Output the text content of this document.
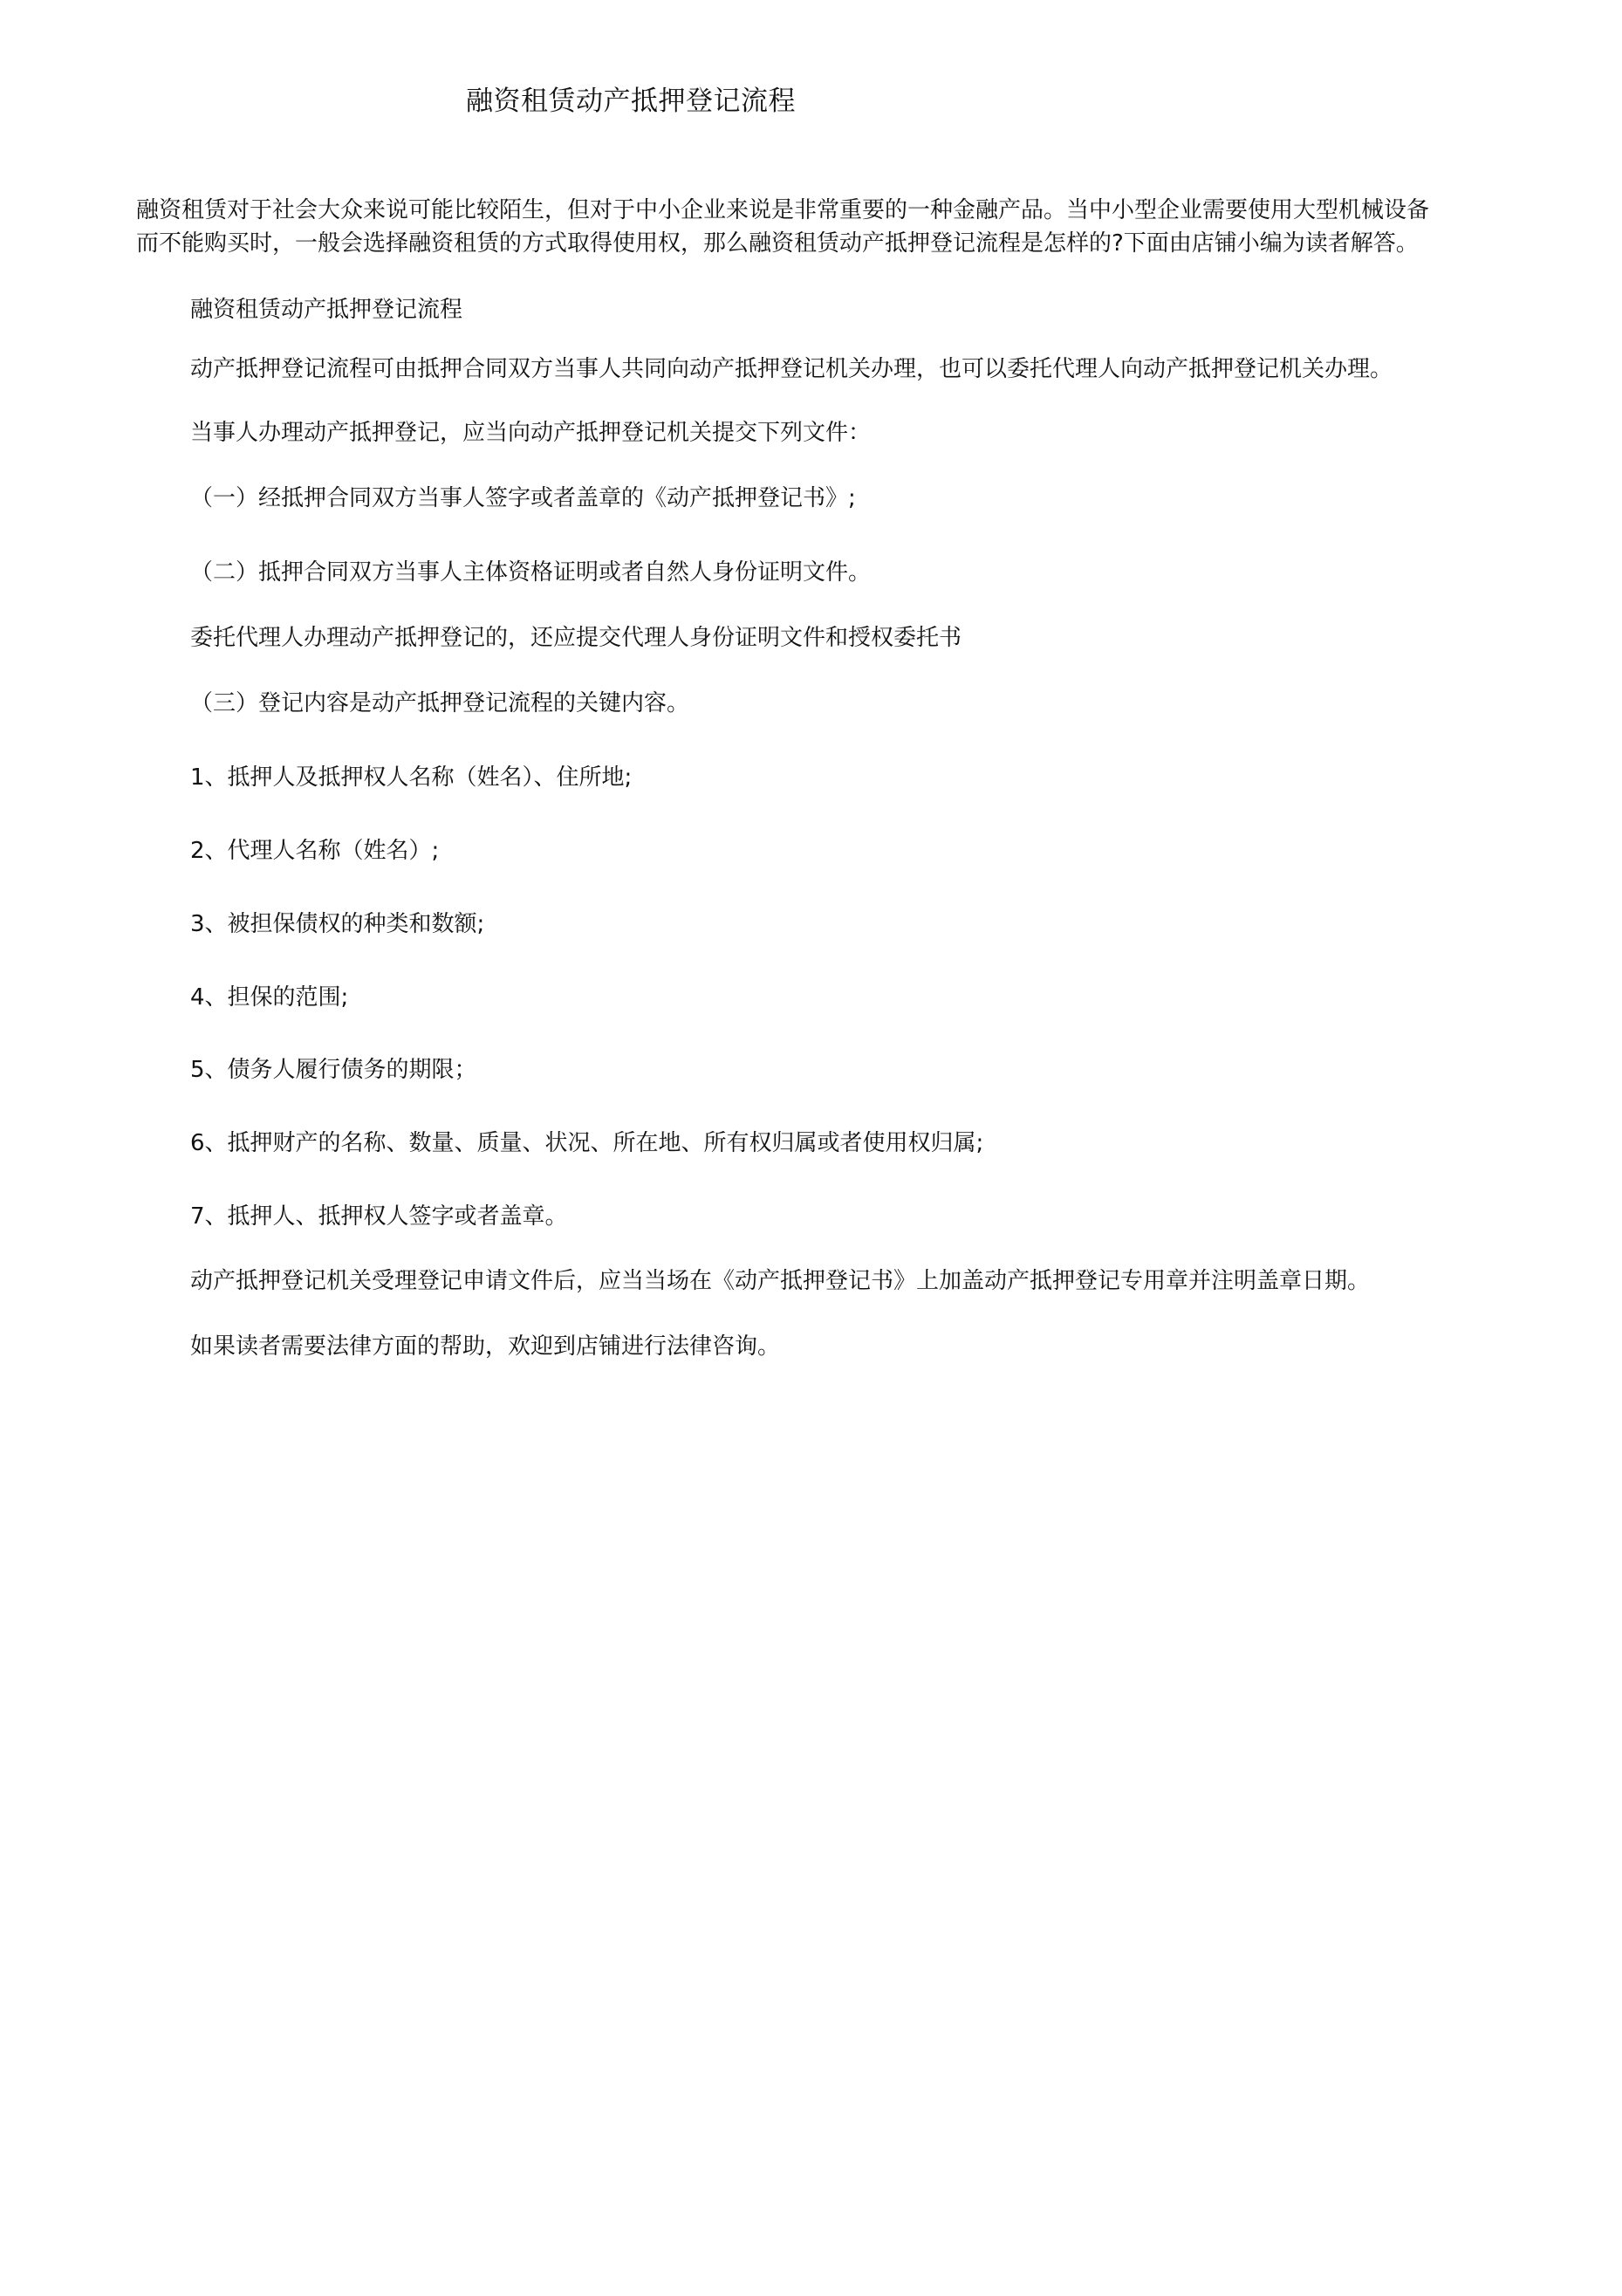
融资租赁动产抵押登记流程
融资租赁对于社会大众来说可能比较陌生，但对于中小企业来说是非常重要的一种金融产品。当中小型企业需要使用大型机械设备
而不能购买时，一般会选择融资租赁的方式取得使用权，那么融资租赁动产抵押登记流程是怎样的?下面由店铺小编为读者解答。
融资租赁动产抵押登记流程
动产抵押登记流程可由抵押合同双方当事人共同向动产抵押登记机关办理，也可以委托代理人向动产抵押登记机关办理。
当事人办理动产抵押登记，应当向动产抵押登记机关提交下列文件：
（一）经抵押合同双方当事人签字或者盖章的《动产抵押登记书》;
（二）抵押合同双方当事人主体资格证明或者自然人身份证明文件。
委托代理人办理动产抵押登记的，还应提交代理人身份证明文件和授权委托书
（三）登记内容是动产抵押登记流程的关键内容。
1、抵押人及抵押权人名称（姓名）、住所地;
2、代理人名称（姓名）;
3、被担保债权的种类和数额;
4、担保的范围;
5、债务人履行债务的期限；
6、抵押财产的名称、数量、质量、状况、所在地、所有权归属或者使用权归属;
7、抵押人、抵押权人签字或者盖章。
动产抵押登记机关受理登记申请文件后，应当当场在《动产抵押登记书》上加盖动产抵押登记专用章并注明盖章日期。
如果读者需要法律方面的帮助，欢迎到店铺进行法律咨询。
